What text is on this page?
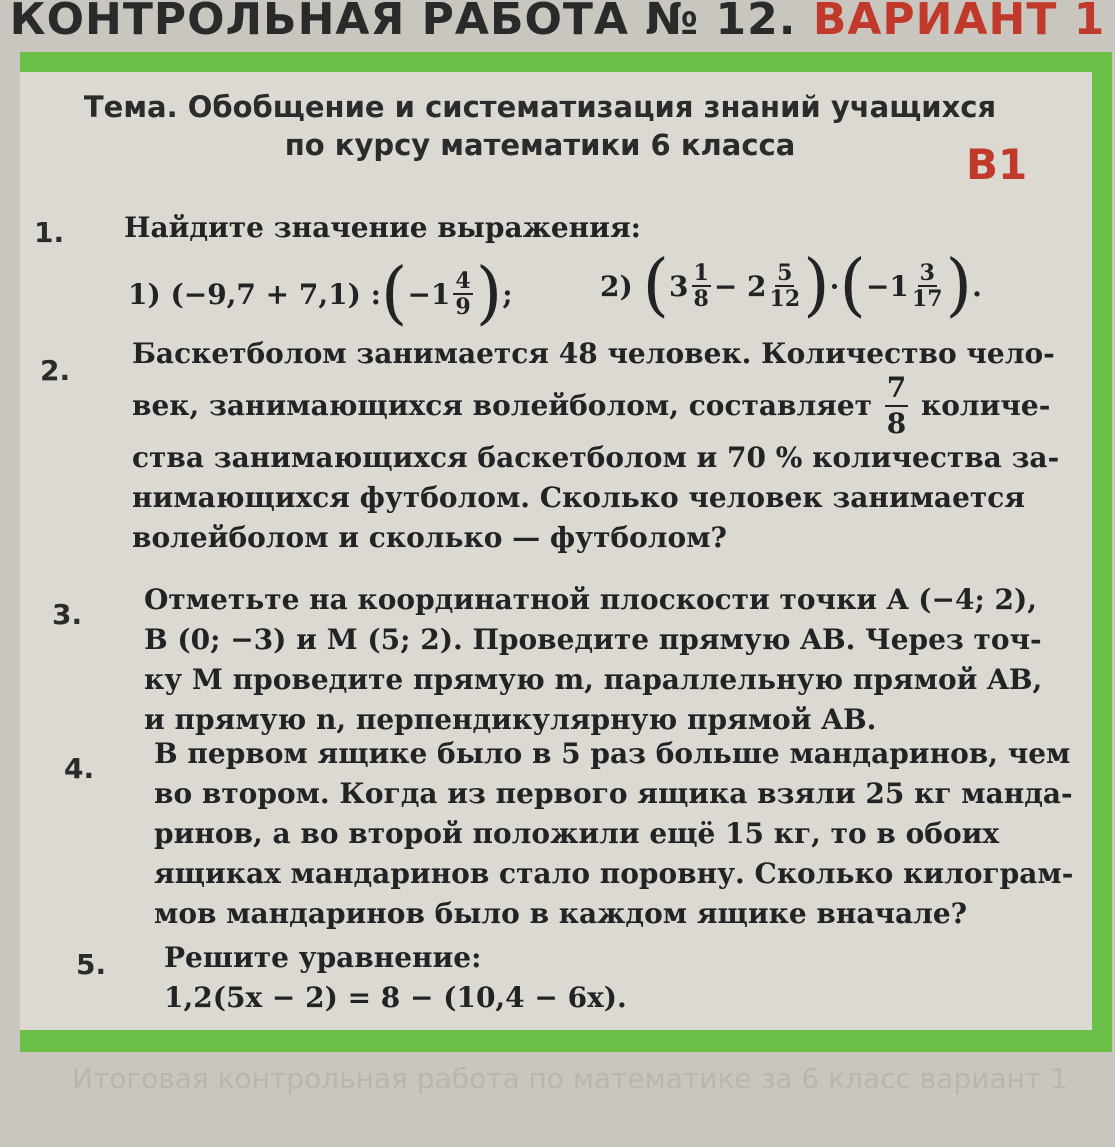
КОНТРОЛЬНАЯ РАБОТА № 12. ВАРИАНТ 1
Тема. Обобщение и систематизация знаний учащихся
по курсу математики 6 класса	В1
1. Найдите значение выражения:
1)
(−9,7 + 7,1) : ( $-1 \frac{4}{9}$ ) ;	2)
( $3 \frac{1}{8}$ −
$2 \frac{5}{12}$ ) · ( $-1 \frac{3}{17}$ ) .
2.
Баскетболом занимается 48 человек. Количество чело-
век, занимающихся волейболом, составляет
$\frac{7}{8}$
количе-
ства занимающихся баскетболом и 70 % количества за-
нимающихся футболом. Сколько человек занимается
волейболом и сколько — футболом?
3. Отметьте на координатной плоскости точки A (−4; 2),
B (0; −3) и M (5; 2). Проведите прямую AB. Через точ-
ку M проведите прямую m, параллельную прямой AB,
и прямую n, перпендикулярную прямой AB.
4. В первом ящике было в 5 раз больше мандаринов, чем
во втором. Когда из первого ящика взяли 25 кг манда-
ринов, а во второй положили ещё 15 кг, то в обоих
ящиках мандаринов стало поровну. Сколько килограм-
мов мандаринов было в каждом ящике вначале?
5. Решите уравнение:
1,2(5x − 2) = 8 − (10,4 − 6x).
Итоговая контрольная работа по математике за 6 класс вариант 1
